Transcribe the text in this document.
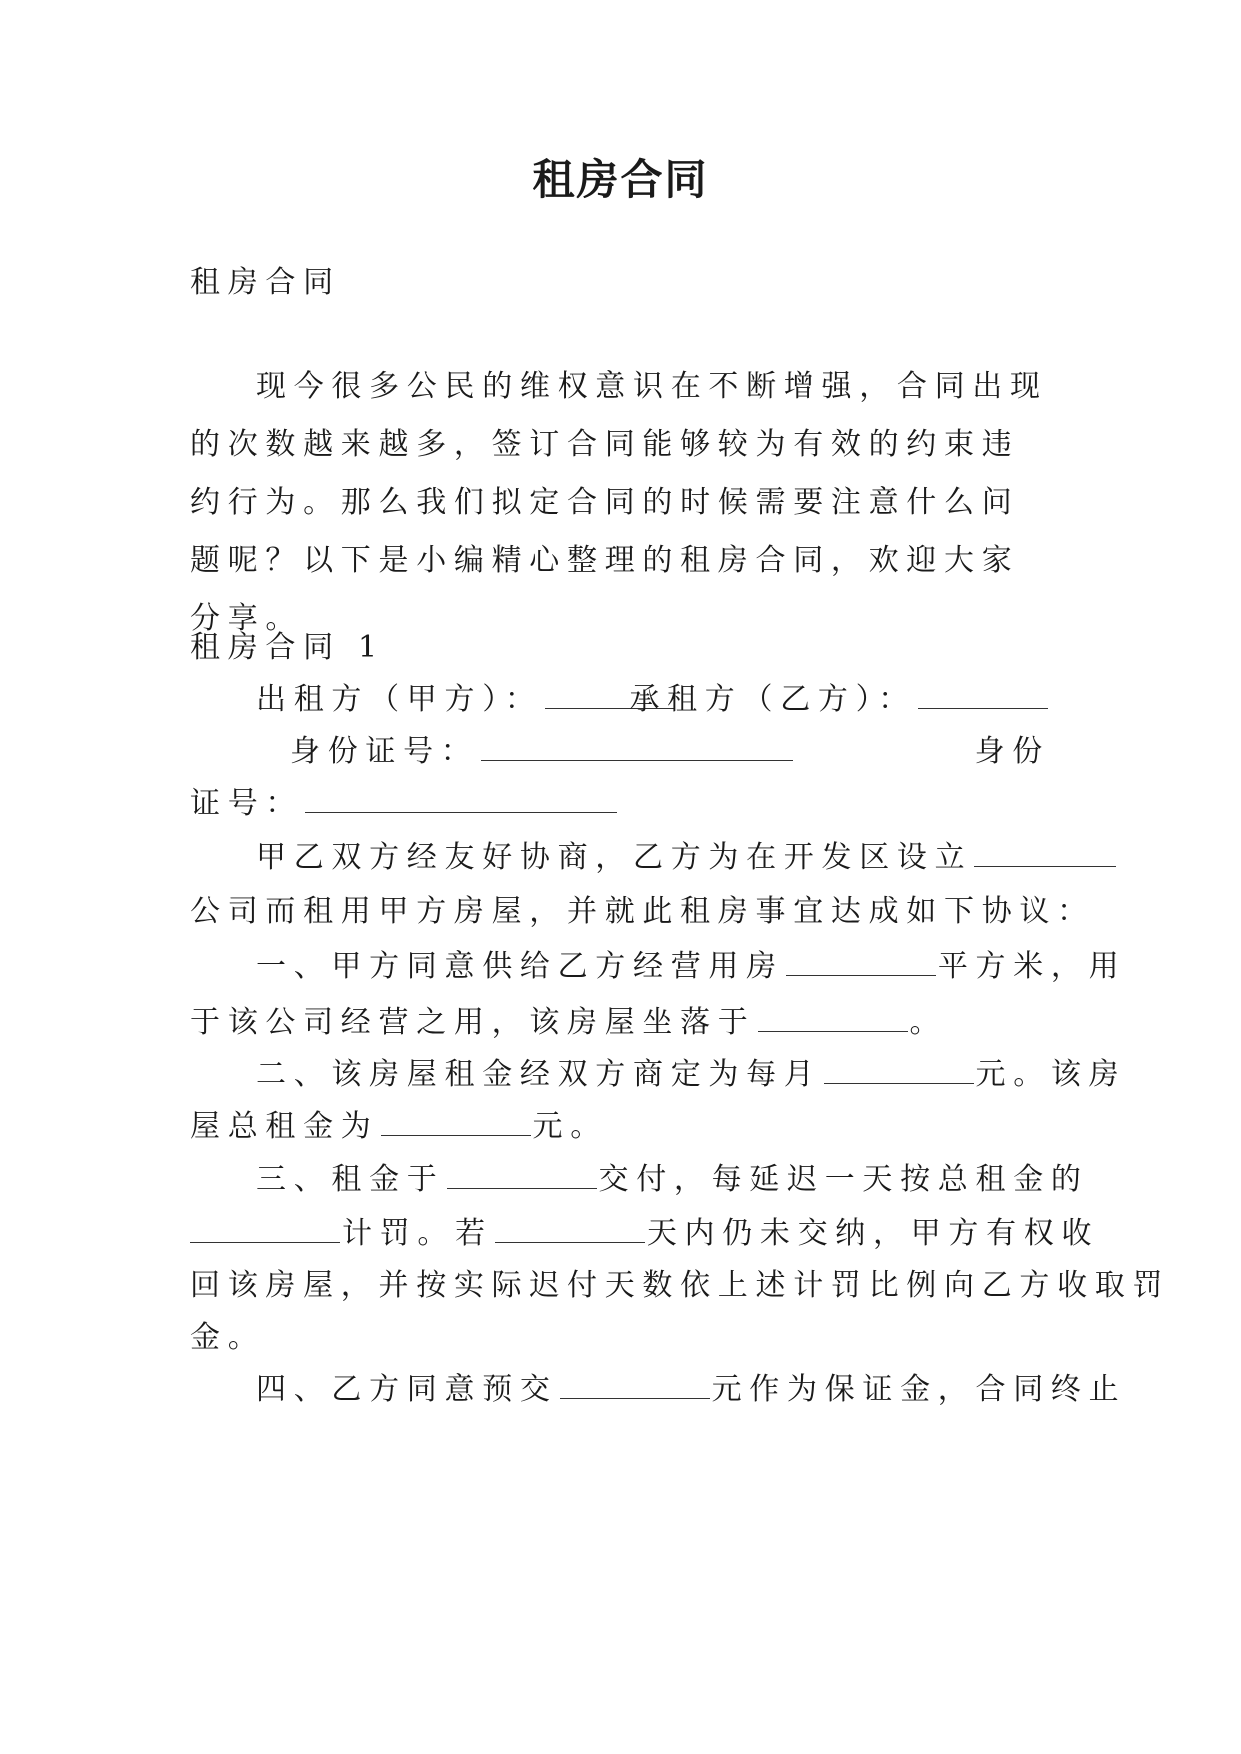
租房合同
租房合同

现今很多公民的维权意识在不断增强，合同出现的次数越来越多，签订合同能够较为有效的约束违约行为。那么我们拟定合同的时候需要注意什么问题呢？以下是小编精心整理的租房合同，欢迎大家分享。

租房合同 1
出租方（甲方）：	承租方（乙方）：
身份证号：	身份
证号：
甲乙双方经友好协商，乙方为在开发区设立
公司而租用甲方房屋，并就此租房事宜达成如下协议：
一、甲方同意供给乙方经营用房	平方米，用
于该公司经营之用，该房屋坐落于	。
二、该房屋租金经双方商定为每月	元。该房
屋总租金为	元。
三、租金于	交付，每延迟一天按总租金的
计罚。若	天内仍未交纳，甲方有权收
回该房屋，并按实际迟付天数依上述计罚比例向乙方收取罚
金。
四、乙方同意预交	元作为保证金，合同终止
